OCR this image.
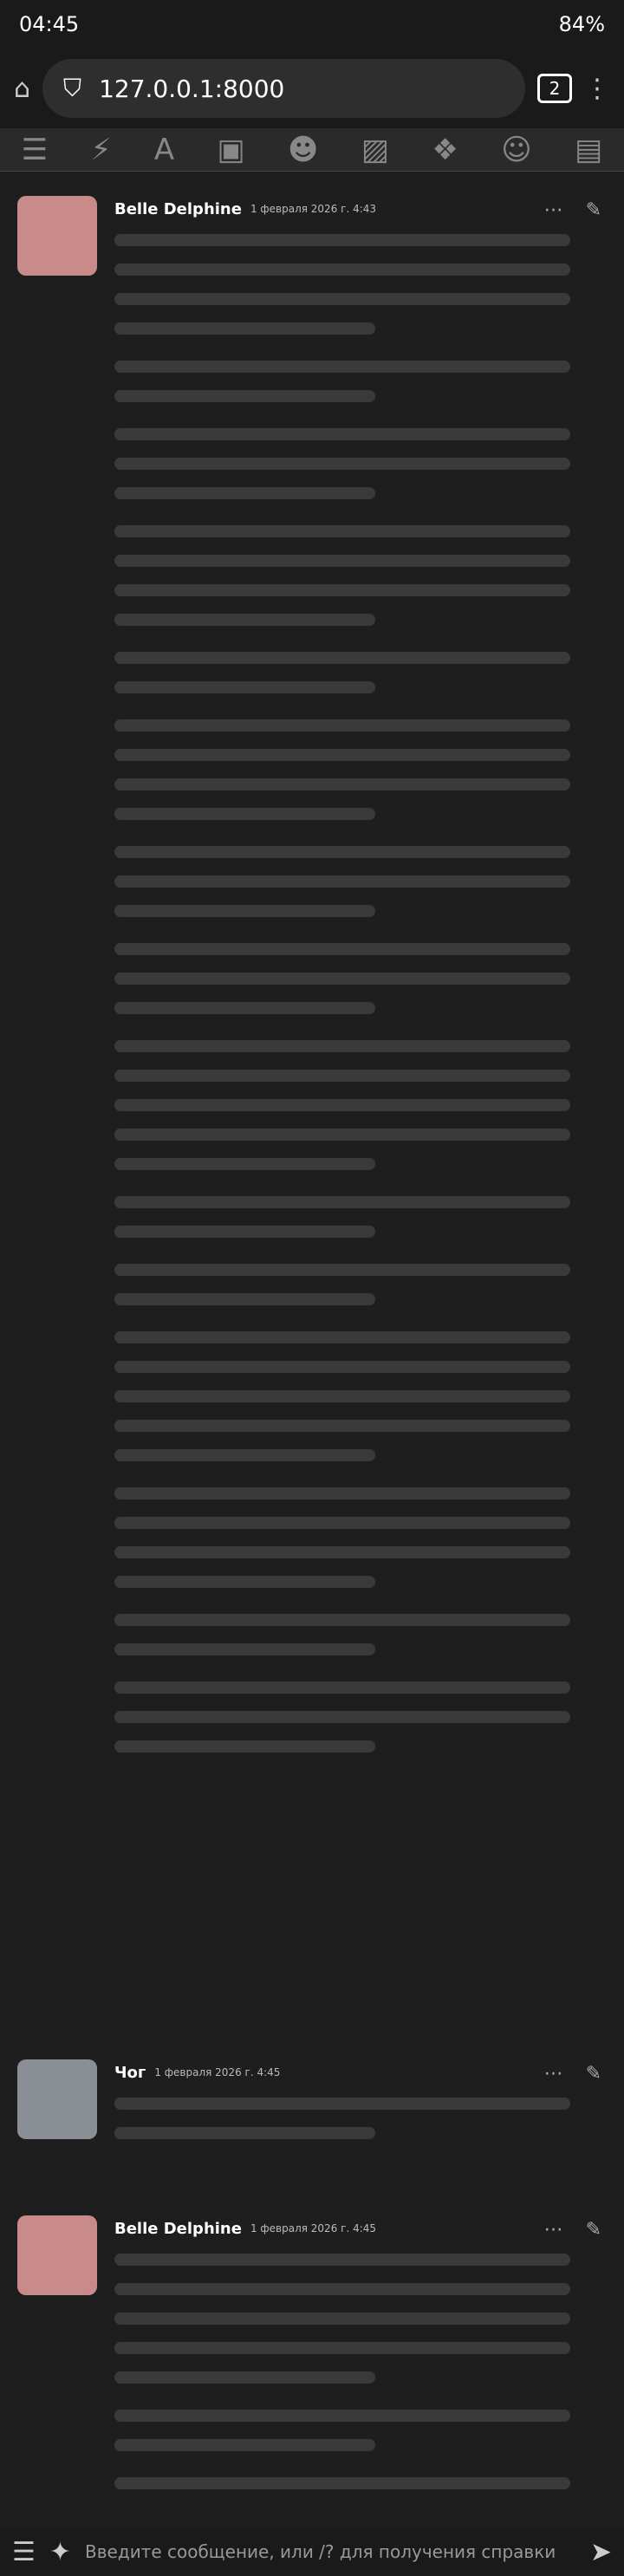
04:45	84%
⌂ ⛉ 127.0.0.1:8000	2 ⋮
☰ ⚡ A ▣ ☻ ▨ ❖ ☺ ▤
Belle Delphine 1 февраля 2026 г. 4:43	⋯ ✎
Чог 1 февраля 2026 г. 4:45	⋯ ✎
Belle Delphine 1 февраля 2026 г. 4:45	⋯ ✎
☰ ✦ Введите сообщение, или /? для получения справки	➤
